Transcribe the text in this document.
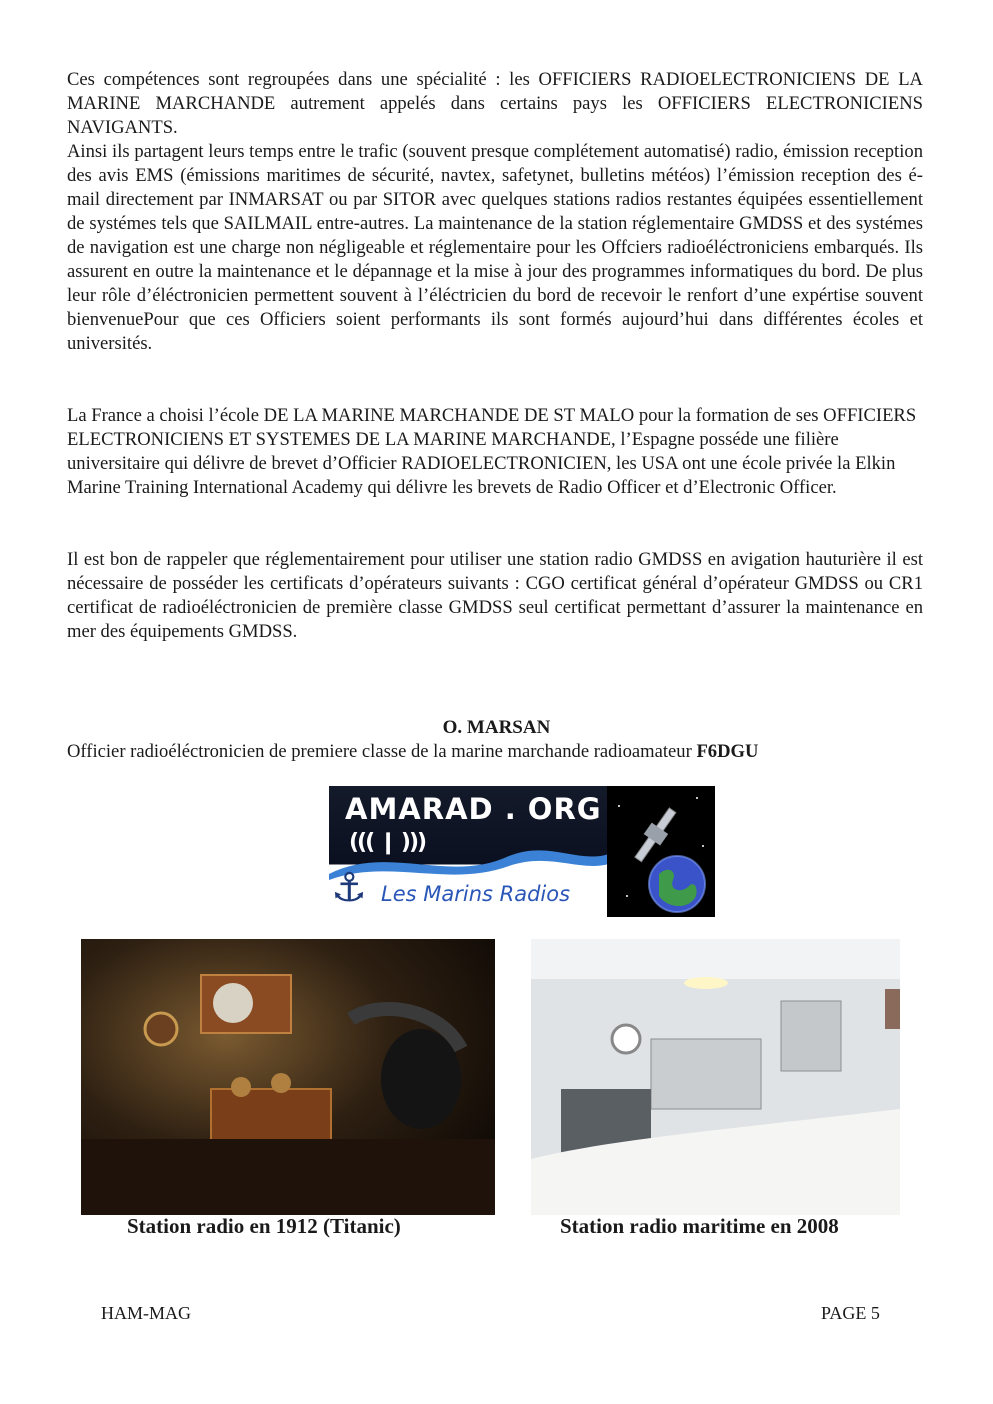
Ces compétences sont regroupées dans une spécialité : les OFFICIERS RADIOELECTRONICIENS DE LA MARINE MARCHANDE autrement appelés dans certains pays les OFFICIERS ELECTRONICIENS NAVIGANTS.
Ainsi ils partagent leurs temps entre le trafic (souvent presque complétement automatisé) radio, émission reception des avis EMS (émissions maritimes de sécurité, navtex, safetynet, bulletins météos) l’émission reception des é-mail directement par INMARSAT ou par SITOR avec quelques stations radios restantes équipées essentiellement de systémes tels que SAILMAIL entre-autres. La maintenance de la station réglementaire GMDSS et des systémes de navigation est une charge non négligeable et réglementaire pour les Offciers radioéléctroniciens embarqués. Ils assurent en outre la maintenance et le dépannage et la mise à jour des programmes informatiques du bord. De plus leur rôle d’éléctronicien permettent souvent à l’éléctricien du bord de recevoir le renfort d’une expértise souvent bienvenuePour que ces Officiers soient performants ils sont formés aujourd’hui dans différentes écoles et universités.

La France a choisi l’école DE LA MARINE MARCHANDE DE ST MALO pour la formation de ses OFFICIERS ELECTRONICIENS ET SYSTEMES DE LA MARINE MARCHANDE, l’Espagne posséde une filière universitaire qui délivre de brevet d’Officier RADIOELECTRONICIEN, les USA ont une école privée la Elkin Marine Training International Academy qui délivre les brevets de Radio Officer et d’Electronic Officer.

Il est bon de rappeler que réglementairement pour utiliser une station radio GMDSS en avigation hauturière il est nécessaire de posséder les certificats d’opérateurs suivants : CGO certificat général d’opérateur GMDSS ou CR1 certificat de radioéléctronicien de première classe GMDSS seul certificat permettant d’assurer la maintenance en mer des équipements GMDSS.

O. MARSAN
Officier radioéléctronicien de premiere classe de la marine marchande radioamateur F6DGU
AMARAD . ORG
((( ❙ )))
⚓ Les Marins Radios
Station radio en 1912 (Titanic)	Station radio maritime en 2008
HAM-MAG	PAGE 5
